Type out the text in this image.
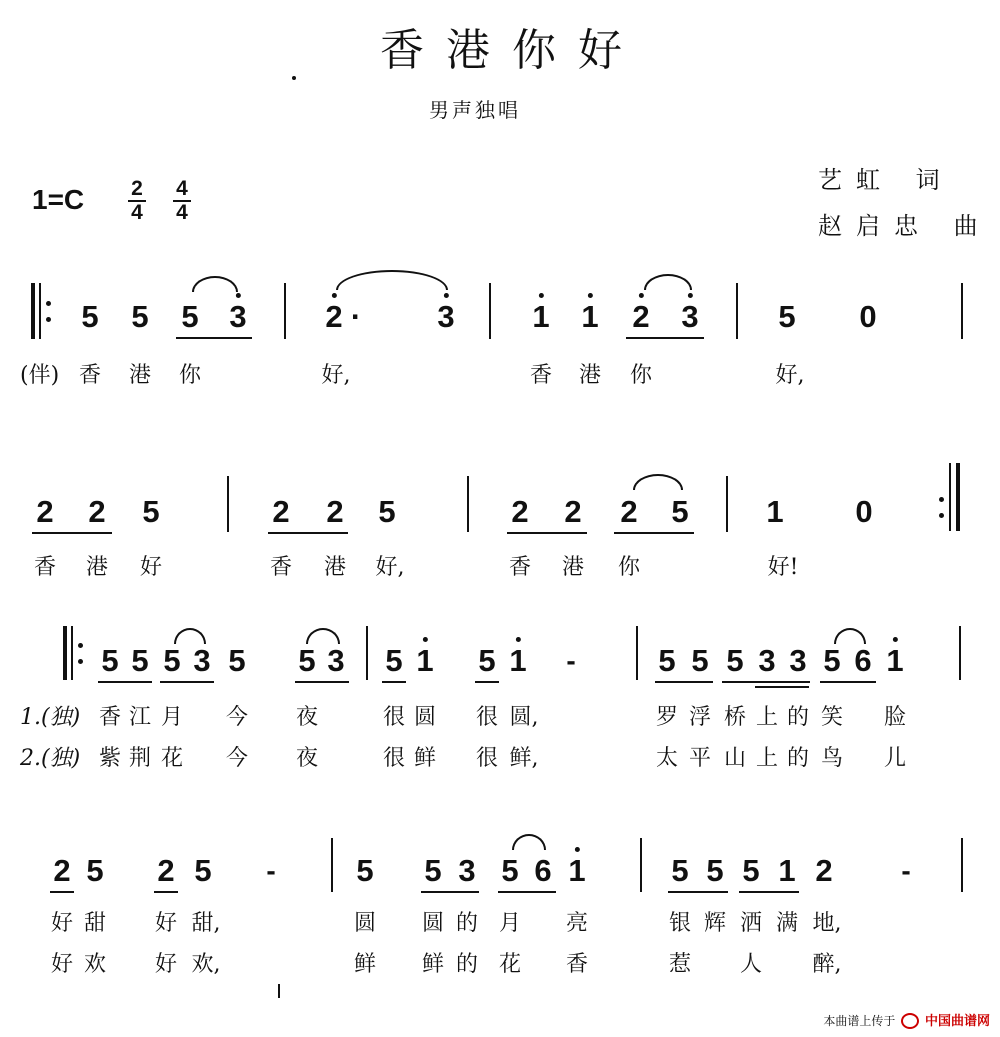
香港你好
男声独唱
1=C 2
4
4
4
艺虹 词
赵启忠 曲
5 5 5 3	2 · 3	1 1 2 3	5 0
(伴) 香 港 你	好,	香 港 你	好,
2 2 5	2 2 5	2 2 2 5	1 0
香 港 好	香 港 好,	香 港 你	好!
5 5 5 3 5 5 3 5 1 5 1 -	5 5 5 3 3 5 6 1
1.(独) 香 江 月 今 夜	很 圆 很 圆,	罗 浮 桥 上 的 笑 脸
2.(独) 紫 荆 花 今 夜	很 鲜 很 鲜,	太 平 山 上 的 鸟 儿
2 5 2 5 -	5 5 3 5 6 1	5 5 5 1 2 -
好 甜 好 甜,	圆 圆 的 月 亮	银 辉 洒 满 地,
好 欢 好 欢,	鲜 鲜 的 花 香	惹 人 醉,
本曲谱上传于 中国曲谱网
